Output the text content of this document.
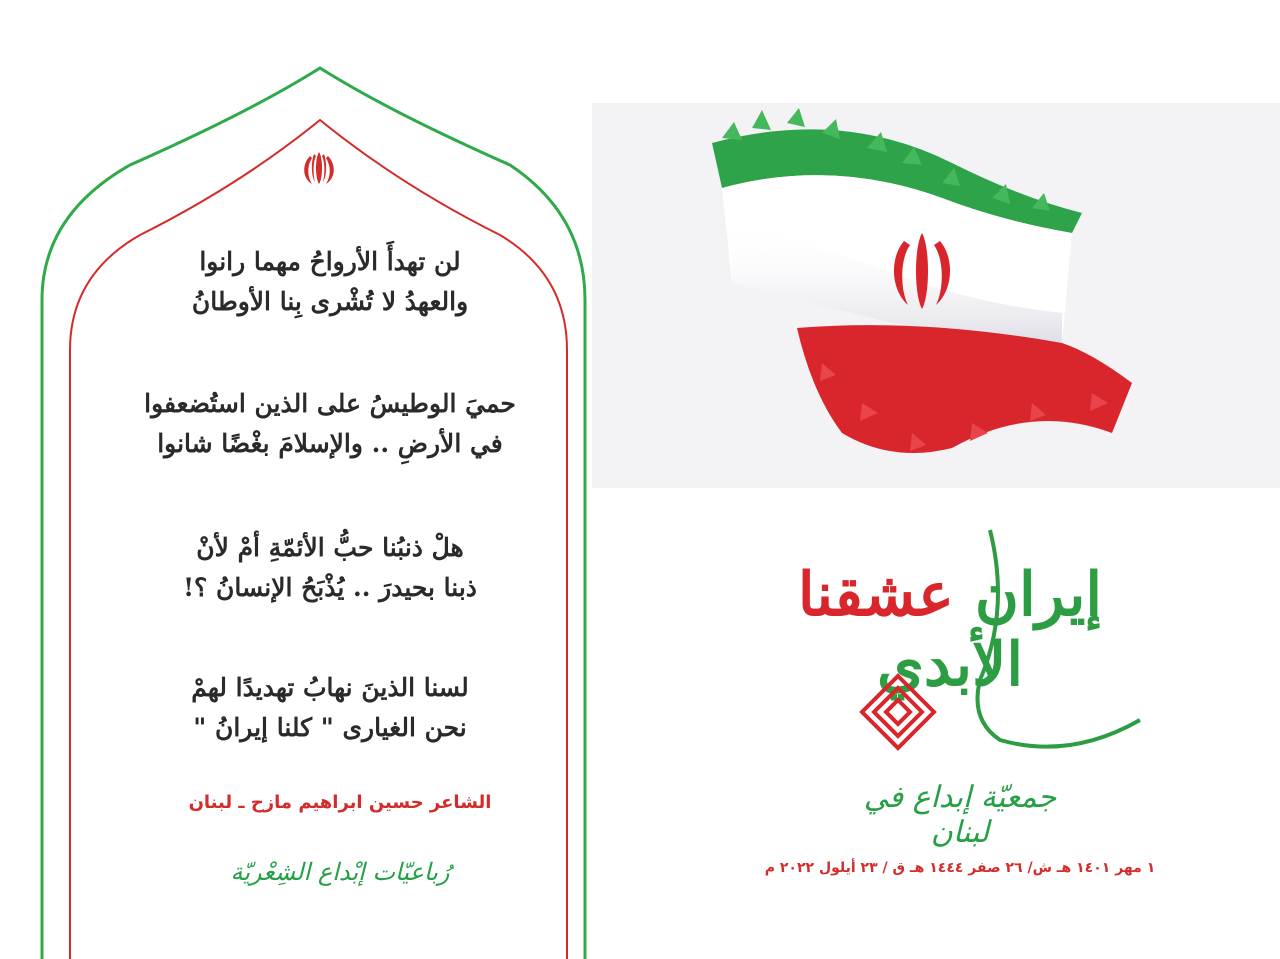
لن تهدأَ الأرواحُ مهما رانوا
والعهدُ لا تُشْرى بِنا الأوطانُ
حميَ الوطيسُ على الذين استُضعفوا
في الأرضِ .. والإسلامَ بغْضًا شانوا
هلْ ذنبُنا حبُّ الأئمّةِ أمْ لأنْ
ذبنا بحيدرَ .. يُذْبَحُ الإنسانُ ؟!
لسنا الذينَ نهابُ تهديدًا لهمْ
نحن الغيارى " كلنا إيرانُ "
الشاعر حسين ابراهيم مازح ـ لبنان
رُباعيّات إبْداع الشِعْريّة
إيران عشقنا الأبدي
جمعيّة إبداع في لبنان
١ مهر ١٤٠١ هـ ش/ ٢٦ صفر ١٤٤٤ هـ ق / ٢٣ أيلول ٢٠٢٢ م
